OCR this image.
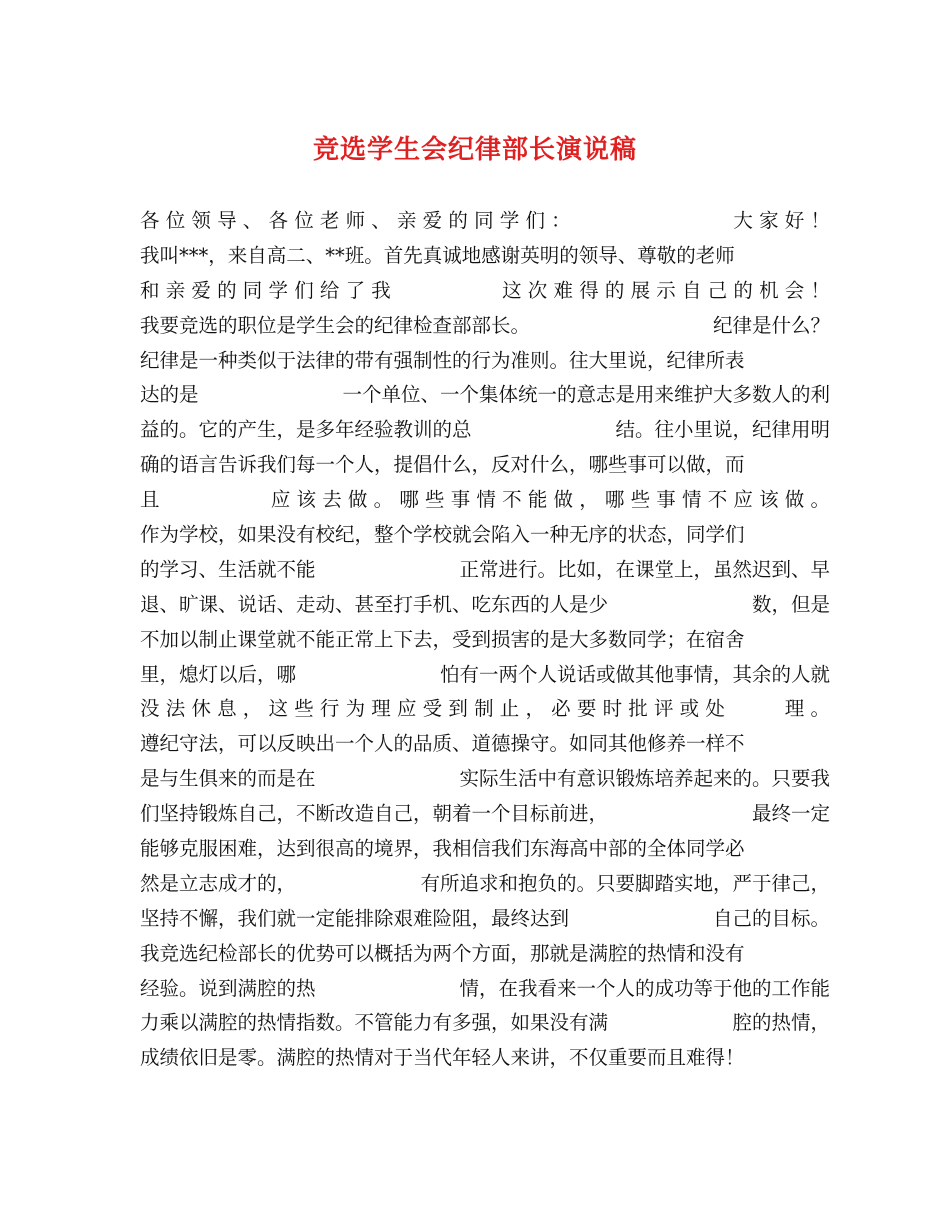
竞选学生会纪律部长演说稿
各 位 领 导 、 各 位 老 师 、 亲 爱 的 同 学 们 ：	大 家 好 ！
我叫***，来自高二、**班。首先真诚地感谢英明的领导、尊敬的老师
和 亲 爱 的 同 学 们 给 了 我	这 次 难 得 的 展 示 自 己 的 机 会 ！
我要竞选的职位是学生会的纪律检查部部长。	纪律是什么？
纪律是一种类似于法律的带有强制性的行为准则。往大里说，纪律所表
达的是	一个单位、一个集体统一的意志是用来维护大多数人的利
益的。它的产生，是多年经验教训的总	结。往小里说，纪律用明
确的语言告诉我们每一个人，提倡什么，反对什么，哪些事可以做，而
且	应 该 去 做 。 哪 些 事 情 不 能 做 ， 哪 些 事 情 不 应 该 做 。
作为学校，如果没有校纪，整个学校就会陷入一种无序的状态，同学们
的学习、生活就不能	正常进行。比如，在课堂上，虽然迟到、早
退、旷课、说话、走动、甚至打手机、吃东西的人是少	数，但是
不加以制止课堂就不能正常上下去，受到损害的是大多数同学；在宿舍
里，熄灯以后，哪	怕有一两个人说话或做其他事情，其余的人就
没 法 休 息 ， 这 些 行 为 理 应 受 到 制 止 ， 必 要 时 批 评 或 处	理 。
遵纪守法，可以反映出一个人的品质、道德操守。如同其他修养一样不
是与生俱来的而是在	实际生活中有意识锻炼培养起来的。只要我
们坚持锻炼自己，不断改造自己，朝着一个目标前进，	最终一定
能够克服困难，达到很高的境界，我相信我们东海高中部的全体同学必
然是立志成才的，	有所追求和抱负的。只要脚踏实地，严于律己，
坚持不懈，我们就一定能排除艰难险阻，最终达到	自己的目标。
我竞选纪检部长的优势可以概括为两个方面，那就是满腔的热情和没有
经验。说到满腔的热	情，在我看来一个人的成功等于他的工作能
力乘以满腔的热情指数。不管能力有多强，如果没有满	腔的热情，
成绩依旧是零。满腔的热情对于当代年轻人来讲，不仅重要而且难得！
